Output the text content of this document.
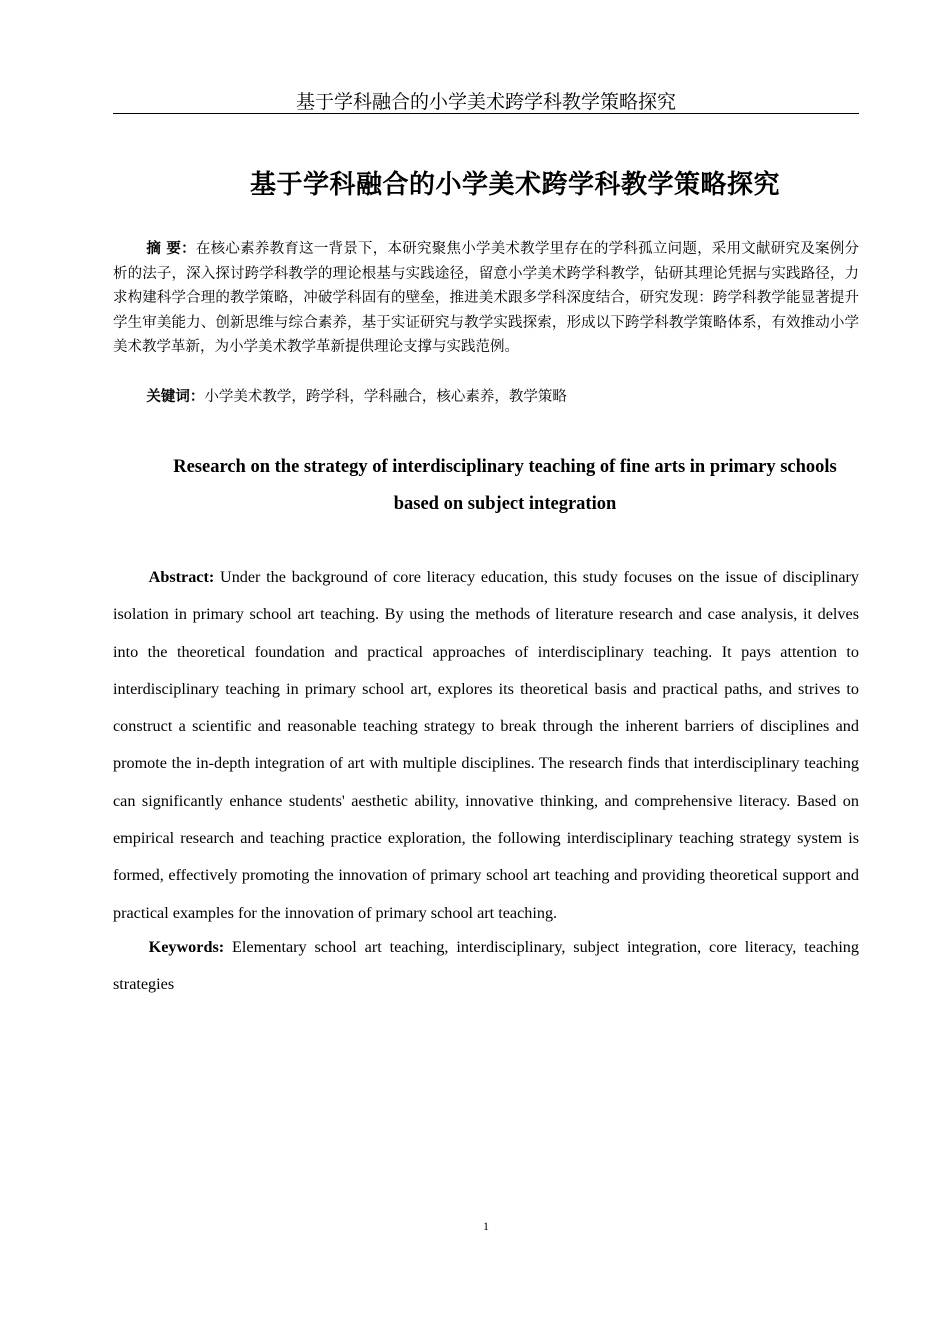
基于学科融合的小学美术跨学科教学策略探究
基于学科融合的小学美术跨学科教学策略探究

摘 要：在核心素养教育这一背景下，本研究聚焦小学美术教学里存在的学科孤立问题，采用文献研究及案例分析的法子，深入探讨跨学科教学的理论根基与实践途径，留意小学美术跨学科教学，钻研其理论凭据与实践路径，力求构建科学合理的教学策略，冲破学科固有的壁垒，推进美术跟多学科深度结合，研究发现：跨学科教学能显著提升学生审美能力、创新思维与综合素养，基于实证研究与教学实践探索，形成以下跨学科教学策略体系，有效推动小学美术教学革新，为小学美术教学革新提供理论支撑与实践范例。

关键词：小学美术教学，跨学科，学科融合，核心素养，教学策略

Research on the strategy of interdisciplinary teaching of fine arts in primary schools based on subject integration

Abstract: Under the background of core literacy education, this study focuses on the issue of disciplinary isolation in primary school art teaching. By using the methods of literature research and case analysis, it delves into the theoretical foundation and practical approaches of interdisciplinary teaching. It pays attention to interdisciplinary teaching in primary school art, explores its theoretical basis and practical paths, and strives to construct a scientific and reasonable teaching strategy to break through the inherent barriers of disciplines and promote the in-depth integration of art with multiple disciplines. The research finds that interdisciplinary teaching can significantly enhance students' aesthetic ability, innovative thinking, and comprehensive literacy. Based on empirical research and teaching practice exploration, the following interdisciplinary teaching strategy system is formed, effectively promoting the innovation of primary school art teaching and providing theoretical support and practical examples for the innovation of primary school art teaching.

Keywords: Elementary school art teaching, interdisciplinary, subject integration, core literacy, teaching strategies

1
